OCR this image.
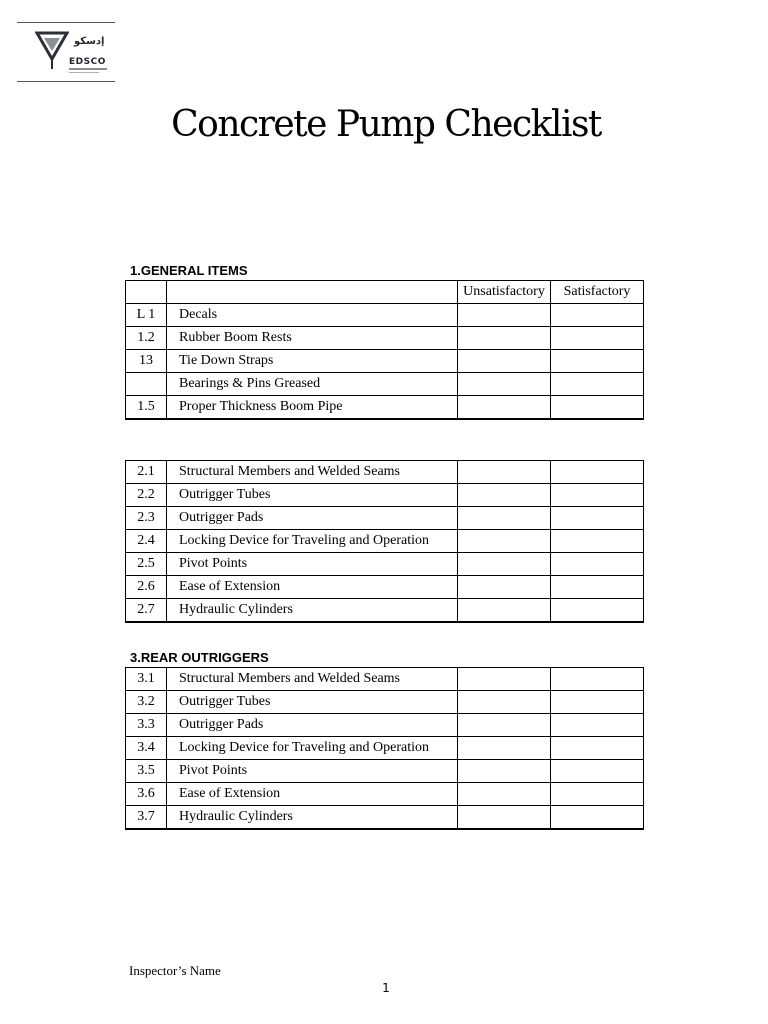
إدسكو
EDSCO
Concrete Pump Checklist
1.GENERAL ITEMS
		Unsatisfactory	Satisfactory
L 1	Decals		
1.2	Rubber Boom Rests		
13	Tie Down Straps		
	Bearings & Pins Greased		
1.5	Proper Thickness Boom Pipe		
2.1	Structural Members and Welded Seams		
2.2	Outrigger Tubes		
2.3	Outrigger Pads		
2.4	Locking Device for Traveling and Operation		
2.5	Pivot Points		
2.6	Ease of Extension		
2.7	Hydraulic Cylinders		
3.REAR OUTRIGGERS
3.1	Structural Members and Welded Seams		
3.2	Outrigger Tubes		
3.3	Outrigger Pads		
3.4	Locking Device for Traveling and Operation		
3.5	Pivot Points		
3.6	Ease of Extension		
3.7	Hydraulic Cylinders		
Inspector’s Name
1
